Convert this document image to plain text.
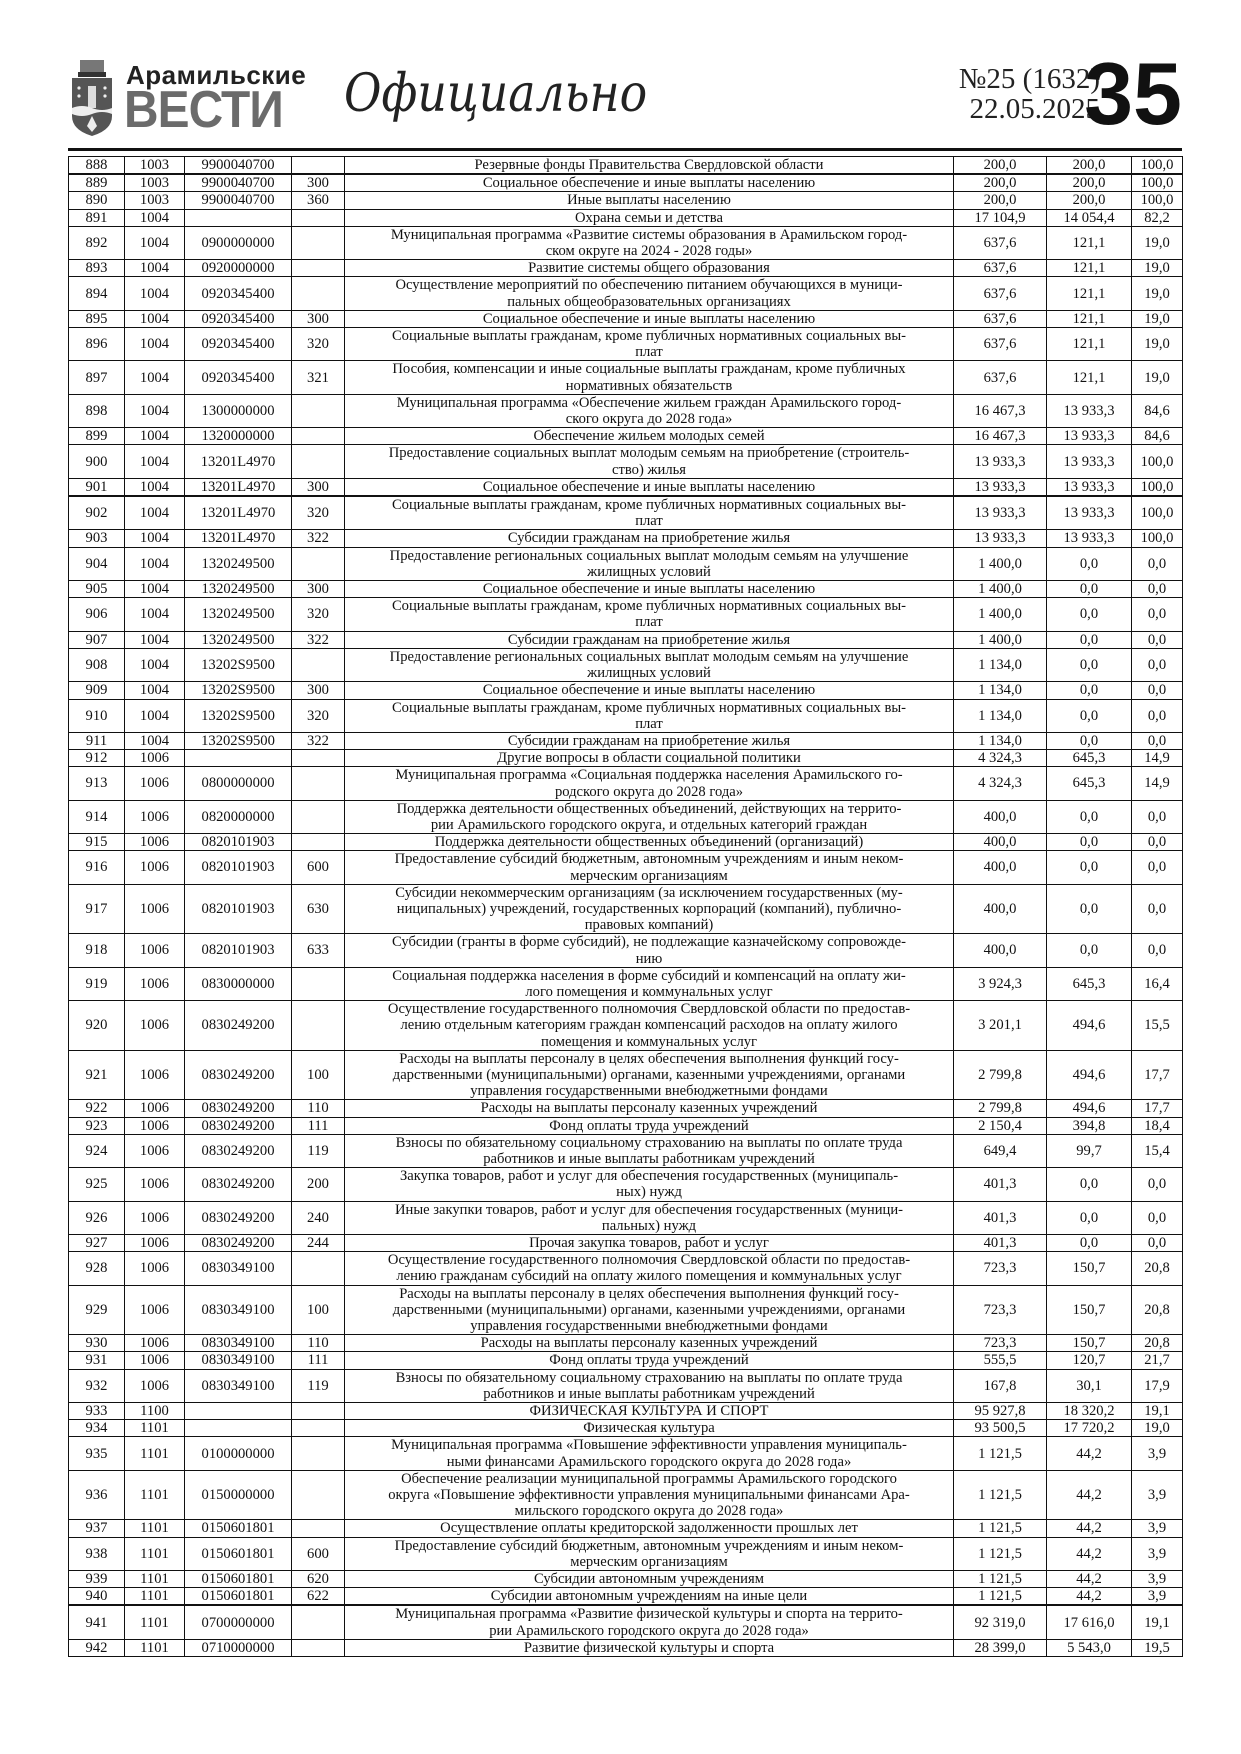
Арамильские
ВЕСТИ Официально	№25 (1632)
22.05.2025
35
888	1003	9900040700		Резервные фонды Правительства Свердловской области	200,0	200,0	100,0
889	1003	9900040700	300	Социальное обеспечение и иные выплаты населению	200,0	200,0	100,0
890	1003	9900040700	360	Иные выплаты населению	200,0	200,0	100,0
891	1004			Охрана семьи и детства	17 104,9	14 054,4	82,2
892	1004	0900000000		Муниципальная программа «Развитие системы образования в Арамильском город-
ском округе на 2024 - 2028 годы»	637,6	121,1	19,0
893	1004	0920000000		Развитие системы общего образования	637,6	121,1	19,0
894	1004	0920345400		Осуществление мероприятий по обеспечению питанием обучающихся в муници-
пальных общеобразовательных организациях	637,6	121,1	19,0
895	1004	0920345400	300	Социальное обеспечение и иные выплаты населению	637,6	121,1	19,0
896	1004	0920345400	320	Социальные выплаты гражданам, кроме публичных нормативных социальных вы-
плат	637,6	121,1	19,0
897	1004	0920345400	321	Пособия, компенсации и иные социальные выплаты гражданам, кроме публичных
нормативных обязательств	637,6	121,1	19,0
898	1004	1300000000		Муниципальная программа «Обеспечение жильем граждан Арамильского город-
ского округа до 2028 года»	16 467,3	13 933,3	84,6
899	1004	1320000000		Обеспечение жильем молодых семей	16 467,3	13 933,3	84,6
900	1004	13201L4970		Предоставление социальных выплат молодым семьям на приобретение (строитель-
ство) жилья	13 933,3	13 933,3	100,0
901	1004	13201L4970	300	Социальное обеспечение и иные выплаты населению	13 933,3	13 933,3	100,0
902	1004	13201L4970	320	Социальные выплаты гражданам, кроме публичных нормативных социальных вы-
плат	13 933,3	13 933,3	100,0
903	1004	13201L4970	322	Субсидии гражданам на приобретение жилья	13 933,3	13 933,3	100,0
904	1004	1320249500		Предоставление региональных социальных выплат молодым семьям на улучшение
жилищных условий	1 400,0	0,0	0,0
905	1004	1320249500	300	Социальное обеспечение и иные выплаты населению	1 400,0	0,0	0,0
906	1004	1320249500	320	Социальные выплаты гражданам, кроме публичных нормативных социальных вы-
плат	1 400,0	0,0	0,0
907	1004	1320249500	322	Субсидии гражданам на приобретение жилья	1 400,0	0,0	0,0
908	1004	13202S9500		Предоставление региональных социальных выплат молодым семьям на улучшение
жилищных условий	1 134,0	0,0	0,0
909	1004	13202S9500	300	Социальное обеспечение и иные выплаты населению	1 134,0	0,0	0,0
910	1004	13202S9500	320	Социальные выплаты гражданам, кроме публичных нормативных социальных вы-
плат	1 134,0	0,0	0,0
911	1004	13202S9500	322	Субсидии гражданам на приобретение жилья	1 134,0	0,0	0,0
912	1006			Другие вопросы в области социальной политики	4 324,3	645,3	14,9
913	1006	0800000000		Муниципальная программа «Социальная поддержка населения Арамильского го-
родского округа до 2028 года»	4 324,3	645,3	14,9
914	1006	0820000000		Поддержка деятельности общественных объединений, действующих на террито-
рии Арамильского городского округа, и отдельных категорий граждан	400,0	0,0	0,0
915	1006	0820101903		Поддержка деятельности общественных объединений (организаций)	400,0	0,0	0,0
916	1006	0820101903	600	Предоставление субсидий бюджетным, автономным учреждениям и иным неком-
мерческим организациям	400,0	0,0	0,0
917	1006	0820101903	630	Субсидии некоммерческим организациям (за исключением государственных (му-
ниципальных) учреждений, государственных корпораций (компаний), публично-
правовых компаний)	400,0	0,0	0,0
918	1006	0820101903	633	Субсидии (гранты в форме субсидий), не подлежащие казначейскому сопровожде-
нию	400,0	0,0	0,0
919	1006	0830000000		Социальная поддержка населения в форме субсидий и компенсаций на оплату жи-
лого помещения и коммунальных услуг	3 924,3	645,3	16,4
920	1006	0830249200		Осуществление государственного полномочия Свердловской области по предостав-
лению отдельным категориям граждан компенсаций расходов на оплату жилого
помещения и коммунальных услуг	3 201,1	494,6	15,5
921	1006	0830249200	100	Расходы на выплаты персоналу в целях обеспечения выполнения функций госу-
дарственными (муниципальными) органами, казенными учреждениями, органами
управления государственными внебюджетными фондами	2 799,8	494,6	17,7
922	1006	0830249200	110	Расходы на выплаты персоналу казенных учреждений	2 799,8	494,6	17,7
923	1006	0830249200	111	Фонд оплаты труда учреждений	2 150,4	394,8	18,4
924	1006	0830249200	119	Взносы по обязательному социальному страхованию на выплаты по оплате труда
работников и иные выплаты работникам учреждений	649,4	99,7	15,4
925	1006	0830249200	200	Закупка товаров, работ и услуг для обеспечения государственных (муниципаль-
ных) нужд	401,3	0,0	0,0
926	1006	0830249200	240	Иные закупки товаров, работ и услуг для обеспечения государственных (муници-
пальных) нужд	401,3	0,0	0,0
927	1006	0830249200	244	Прочая закупка товаров, работ и услуг	401,3	0,0	0,0
928	1006	0830349100		Осуществление государственного полномочия Свердловской области по предостав-
лению гражданам субсидий на оплату жилого помещения и коммунальных услуг	723,3	150,7	20,8
929	1006	0830349100	100	Расходы на выплаты персоналу в целях обеспечения выполнения функций госу-
дарственными (муниципальными) органами, казенными учреждениями, органами
управления государственными внебюджетными фондами	723,3	150,7	20,8
930	1006	0830349100	110	Расходы на выплаты персоналу казенных учреждений	723,3	150,7	20,8
931	1006	0830349100	111	Фонд оплаты труда учреждений	555,5	120,7	21,7
932	1006	0830349100	119	Взносы по обязательному социальному страхованию на выплаты по оплате труда
работников и иные выплаты работникам учреждений	167,8	30,1	17,9
933	1100			ФИЗИЧЕСКАЯ КУЛЬТУРА И СПОРТ	95 927,8	18 320,2	19,1
934	1101			Физическая культура	93 500,5	17 720,2	19,0
935	1101	0100000000		Муниципальная программа «Повышение эффективности управления муниципаль-
ными финансами Арамильского городского округа до 2028 года»	1 121,5	44,2	3,9
936	1101	0150000000		Обеспечение реализации муниципальной программы Арамильского городского
округа «Повышение эффективности управления муниципальными финансами Ара-
мильского городского округа до 2028 года»	1 121,5	44,2	3,9
937	1101	0150601801		Осуществление оплаты кредиторской задолженности прошлых лет	1 121,5	44,2	3,9
938	1101	0150601801	600	Предоставление субсидий бюджетным, автономным учреждениям и иным неком-
мерческим организациям	1 121,5	44,2	3,9
939	1101	0150601801	620	Субсидии автономным учреждениям	1 121,5	44,2	3,9
940	1101	0150601801	622	Субсидии автономным учреждениям на иные цели	1 121,5	44,2	3,9
941	1101	0700000000		Муниципальная программа «Развитие физической культуры и спорта на террито-
рии Арамильского городского округа до 2028 года»	92 319,0	17 616,0	19,1
942	1101	0710000000		Развитие физической культуры и спорта	28 399,0	5 543,0	19,5
